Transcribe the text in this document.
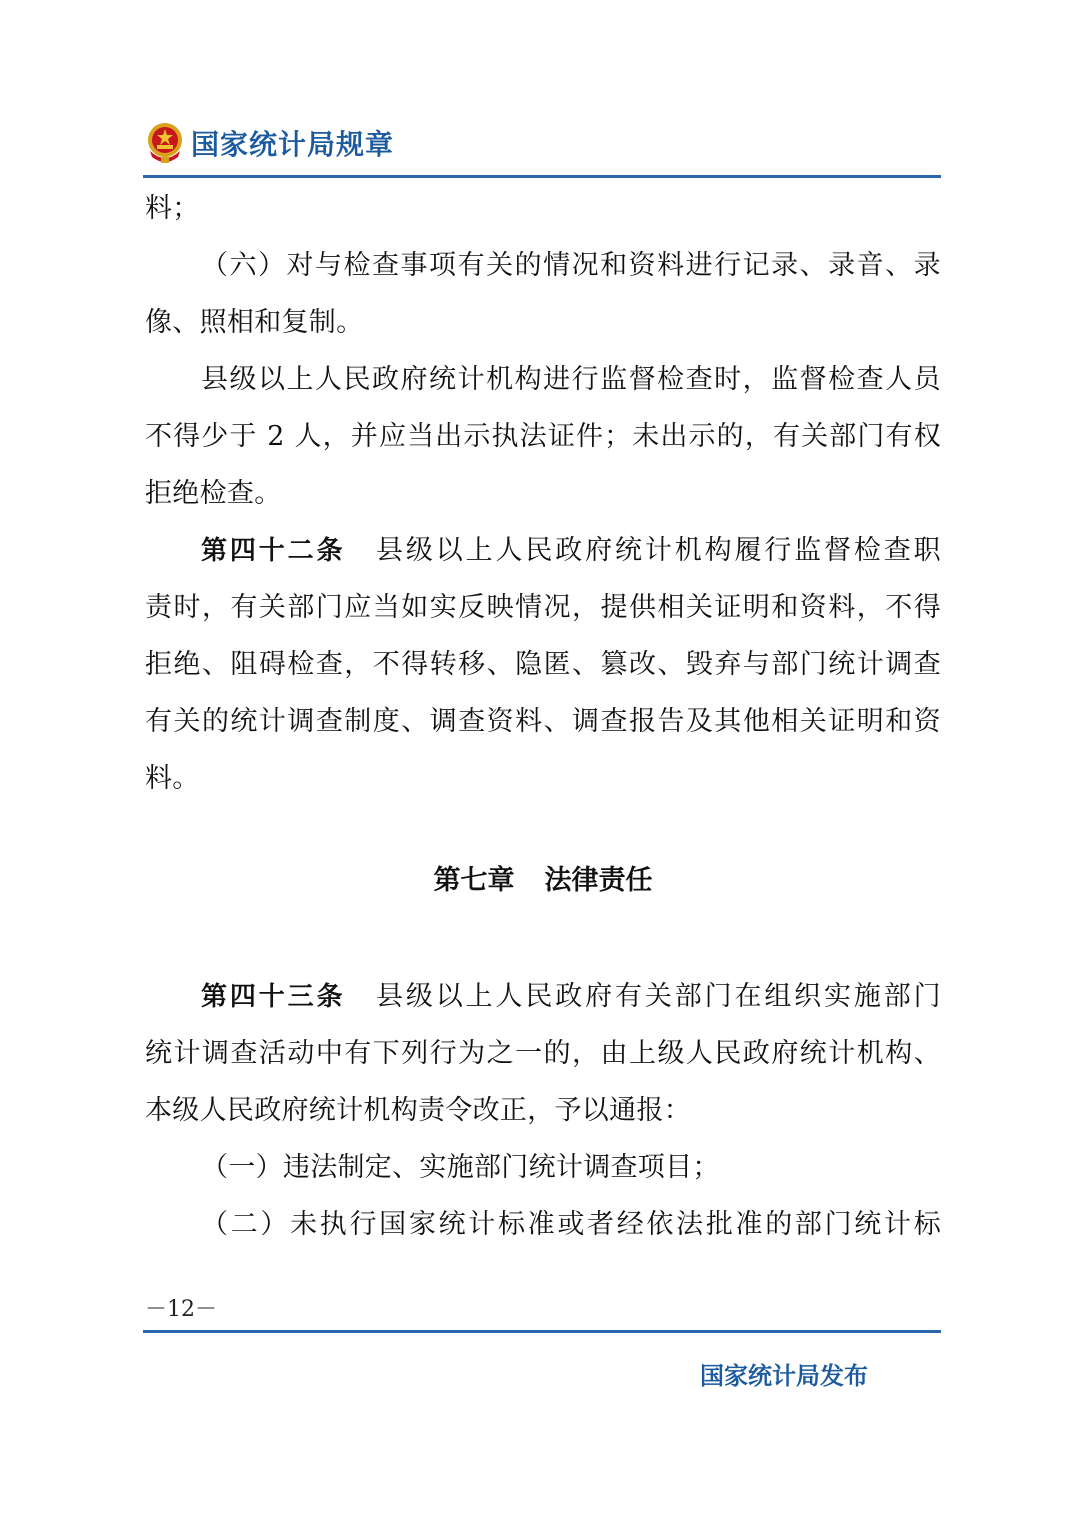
国家统计局规章
料；
（六）对与检查事项有关的情况和资料进行记录、录音、录
像、照相和复制。
县级以上人民政府统计机构进行监督检查时，监督检查人员
不得少于 2 人，并应当出示执法证件；未出示的，有关部门有权
拒绝检查。
第四十二条 县级以上人民政府统计机构履行监督检查职
责时，有关部门应当如实反映情况，提供相关证明和资料，不得
拒绝、阻碍检查，不得转移、隐匿、篡改、毁弃与部门统计调查
有关的统计调查制度、调查资料、调查报告及其他相关证明和资
料。
第七章 法律责任
第四十三条 县级以上人民政府有关部门在组织实施部门
统计调查活动中有下列行为之一的，由上级人民政府统计机构、
本级人民政府统计机构责令改正，予以通报：
（一）违法制定、实施部门统计调查项目；
（二）未执行国家统计标准或者经依法批准的部门统计标
－12－
国家统计局发布
